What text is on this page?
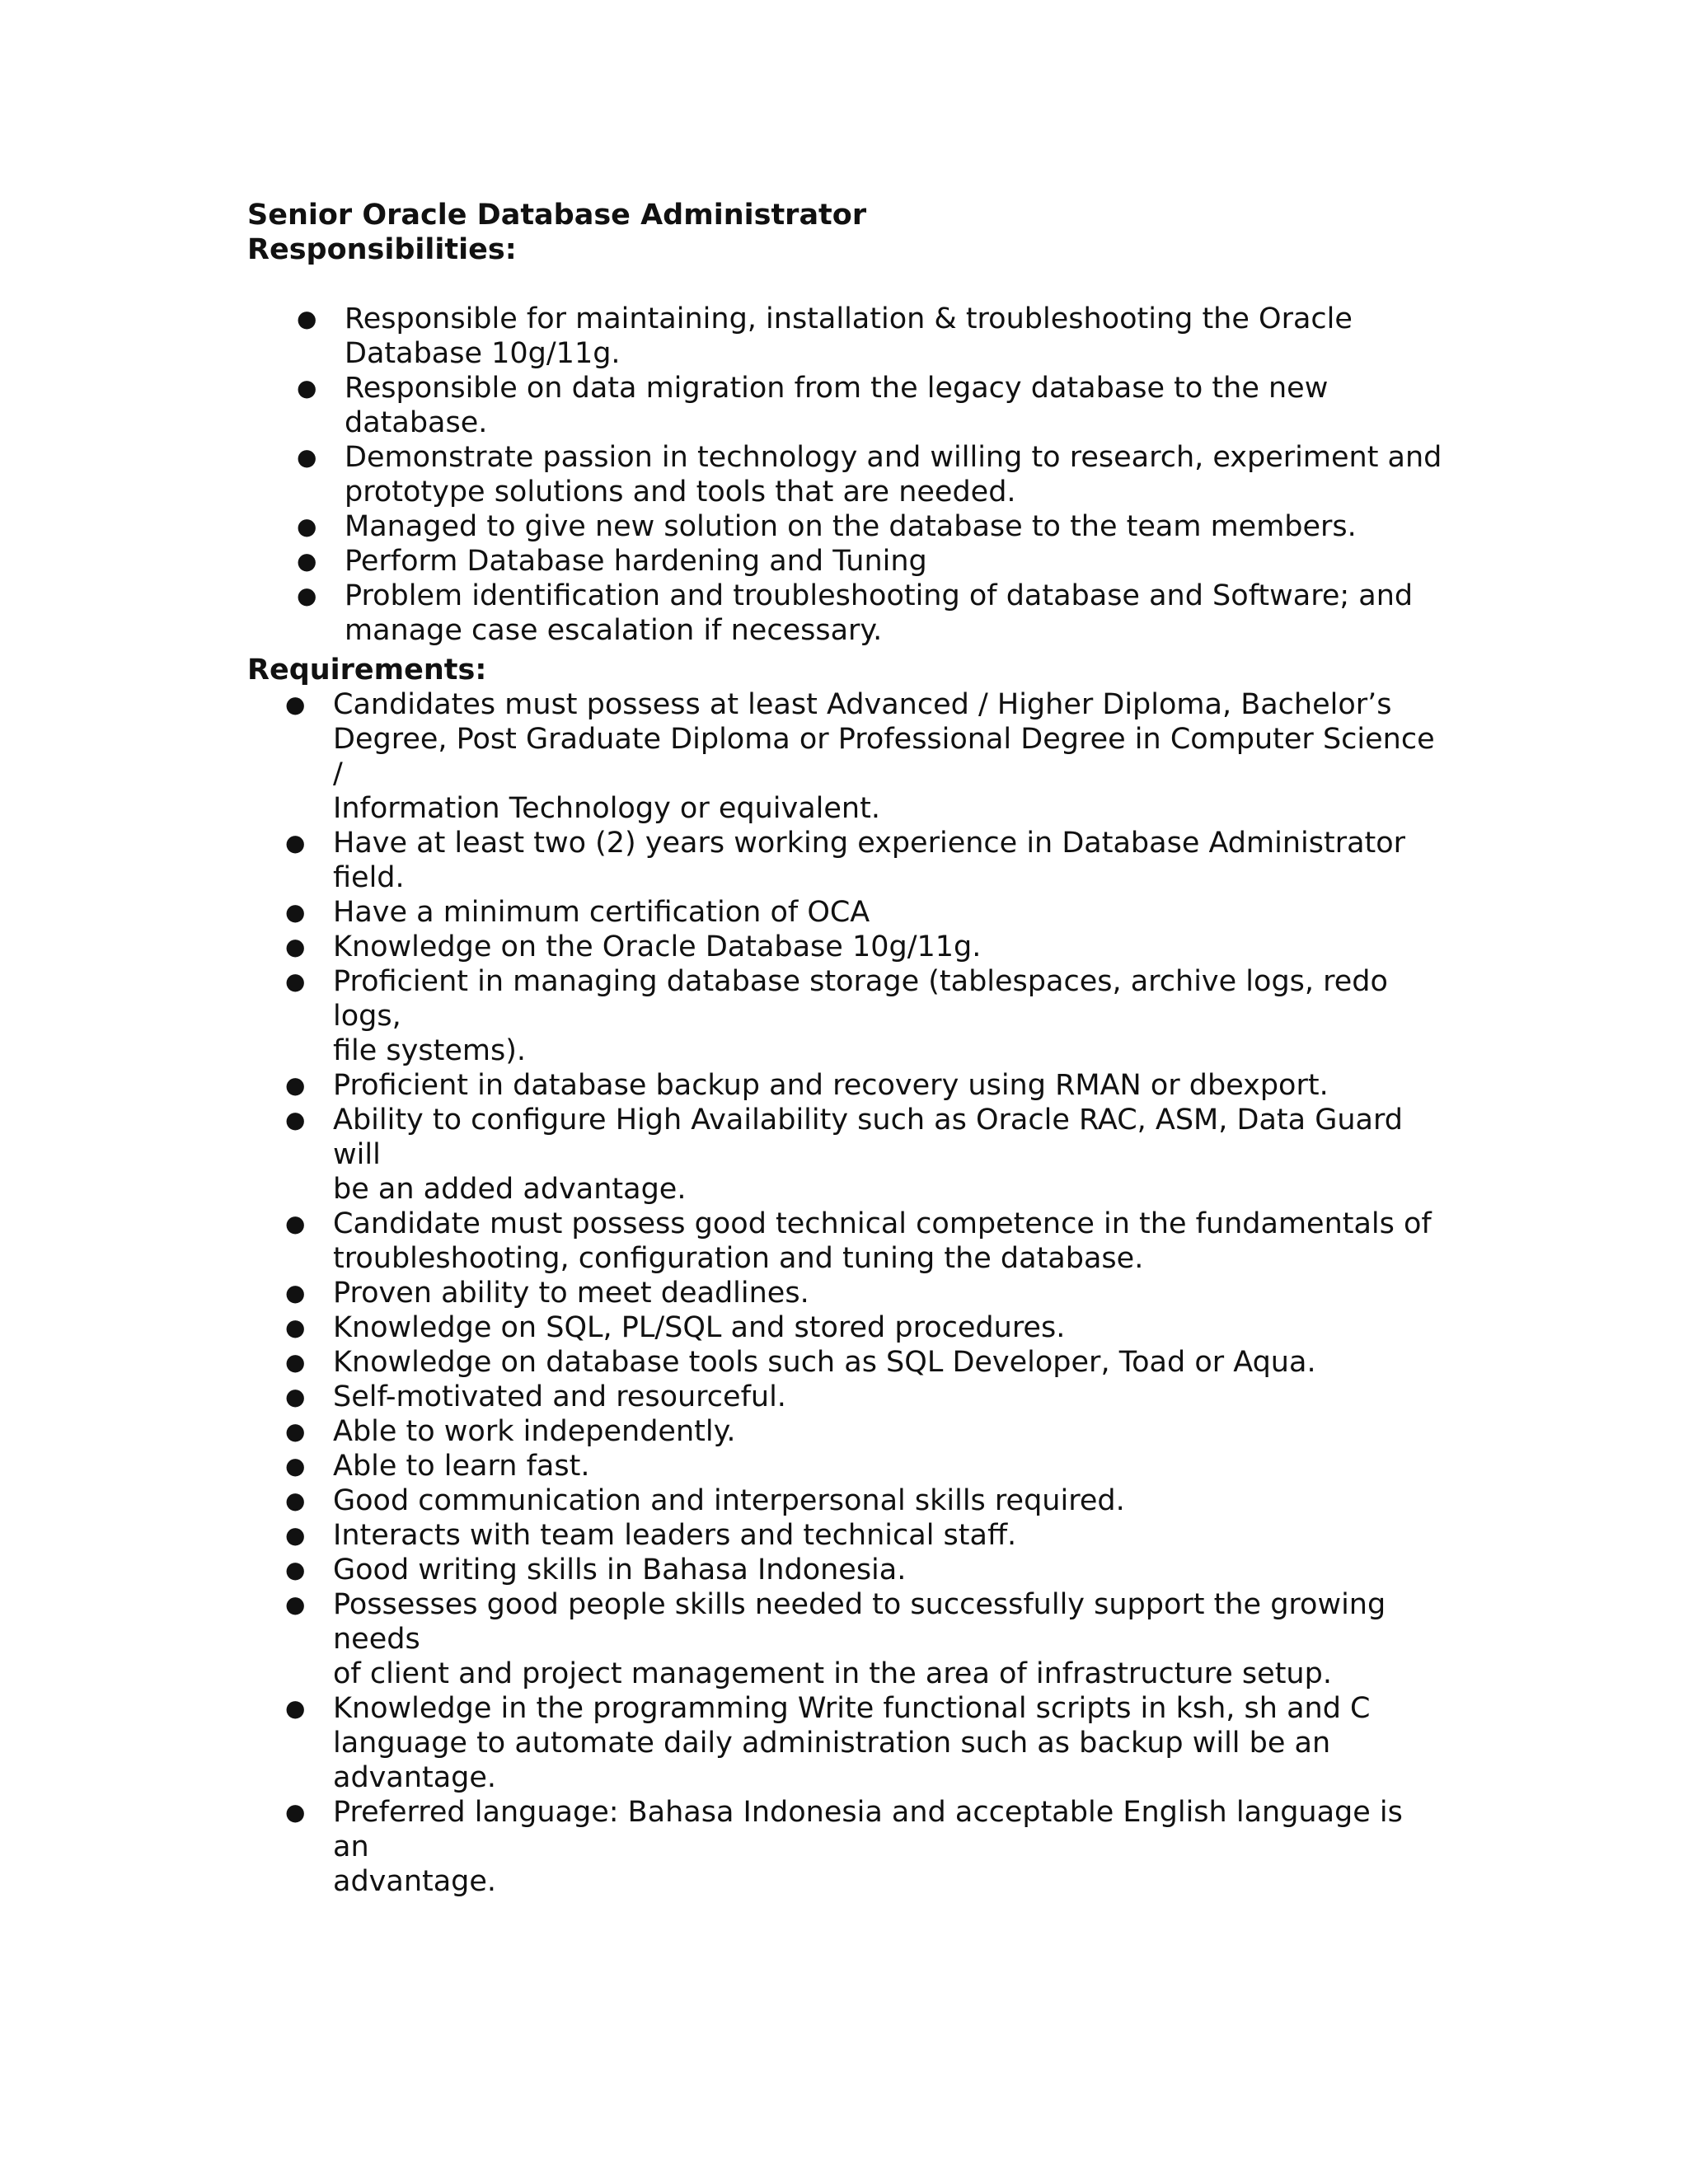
Senior Oracle Database Administrator
Responsibilities:
● Responsible for maintaining, installation & troubleshooting the Oracle
Database 10g/11g.
● Responsible on data migration from the legacy database to the new database.
● Demonstrate passion in technology and willing to research, experiment and
prototype solutions and tools that are needed.
● Managed to give new solution on the database to the team members.
● Perform Database hardening and Tuning
● Problem identification and troubleshooting of database and Software; and
manage case escalation if necessary.
Requirements:
● Candidates must possess at least Advanced / Higher Diploma, Bachelor’s
Degree, Post Graduate Diploma or Professional Degree in Computer Science /
Information Technology or equivalent.
● Have at least two (2) years working experience in Database Administrator
field.
● Have a minimum certification of OCA
● Knowledge on the Oracle Database 10g/11g.
● Proficient in managing database storage (tablespaces, archive logs, redo logs,
file systems).
● Proficient in database backup and recovery using RMAN or dbexport.
● Ability to configure High Availability such as Oracle RAC, ASM, Data Guard will
be an added advantage.
● Candidate must possess good technical competence in the fundamentals of
troubleshooting, configuration and tuning the database.
● Proven ability to meet deadlines.
● Knowledge on SQL, PL/SQL and stored procedures.
● Knowledge on database tools such as SQL Developer, Toad or Aqua.
● Self-motivated and resourceful.
● Able to work independently.
● Able to learn fast.
● Good communication and interpersonal skills required.
● Interacts with team leaders and technical staff.
● Good writing skills in Bahasa Indonesia.
● Possesses good people skills needed to successfully support the growing needs
of client and project management in the area of infrastructure setup.
● Knowledge in the programming Write functional scripts in ksh, sh and C
language to automate daily administration such as backup will be an
advantage.
● Preferred language: Bahasa Indonesia and acceptable English language is an
advantage.
